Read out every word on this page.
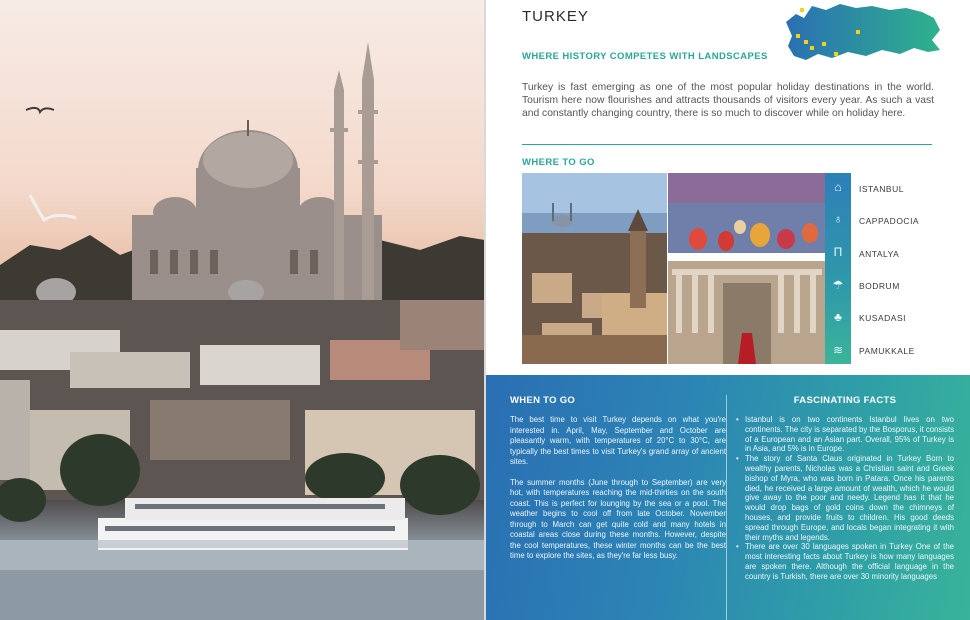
TURKEY
WHERE HISTORY COMPETES WITH LANDSCAPES

Turkey is fast emerging as one of the most popular holiday destinations in the world. Tourism here now flourishes and attracts thousands of visitors every year. As such a vast and constantly changing country, there is so much to discover while on holiday here.

WHERE TO GO
⌂
♁
Π
☂
♣
≋
ISTANBUL
CAPPADOCIA
ANTALYA
BODRUM
KUSADASI
PAMUKKALE
WHEN TO GO

The best time to visit Turkey depends on what you're interested in. April, May, September and October are pleasantly warm, with temperatures of 20°C to 30°C, are typically the best times to visit Turkey's grand array of ancient sites.

The summer months (June through to September) are very hot, with temperatures reaching the mid-thirties on the south coast. This is perfect for lounging by the sea or a pool. The weather begins to cool off from late October. November through to March can get quite cold and many hotels in coastal areas close during these months. However, despite the cool temperatures, these winter months can be the best time to explore the sites, as they're far less busy.

FASCINATING FACTS
• Istanbul is on two continents Istanbul lives on two continents. The city is separated by the Bosporus, it consists of a European and an Asian part. Overall, 95% of Turkey is in Asia, and 5% is in Europe.
• The story of Santa Claus originated in Turkey Born to wealthy parents, Nicholas was a Christian saint and Greek bishop of Myra, who was born in Patara. Once his parents died, he received a large amount of wealth, which he would give away to the poor and needy. Legend has it that he would drop bags of gold coins down the chimneys of houses, and provide fruits to children. His good deeds spread through Europe, and locals began integrating it with their myths and legends.
• There are over 30 languages spoken in Turkey One of the most interesting facts about Turkey is how many languages are spoken there. Although the official language in the country is Turkish, there are over 30 minority languages
